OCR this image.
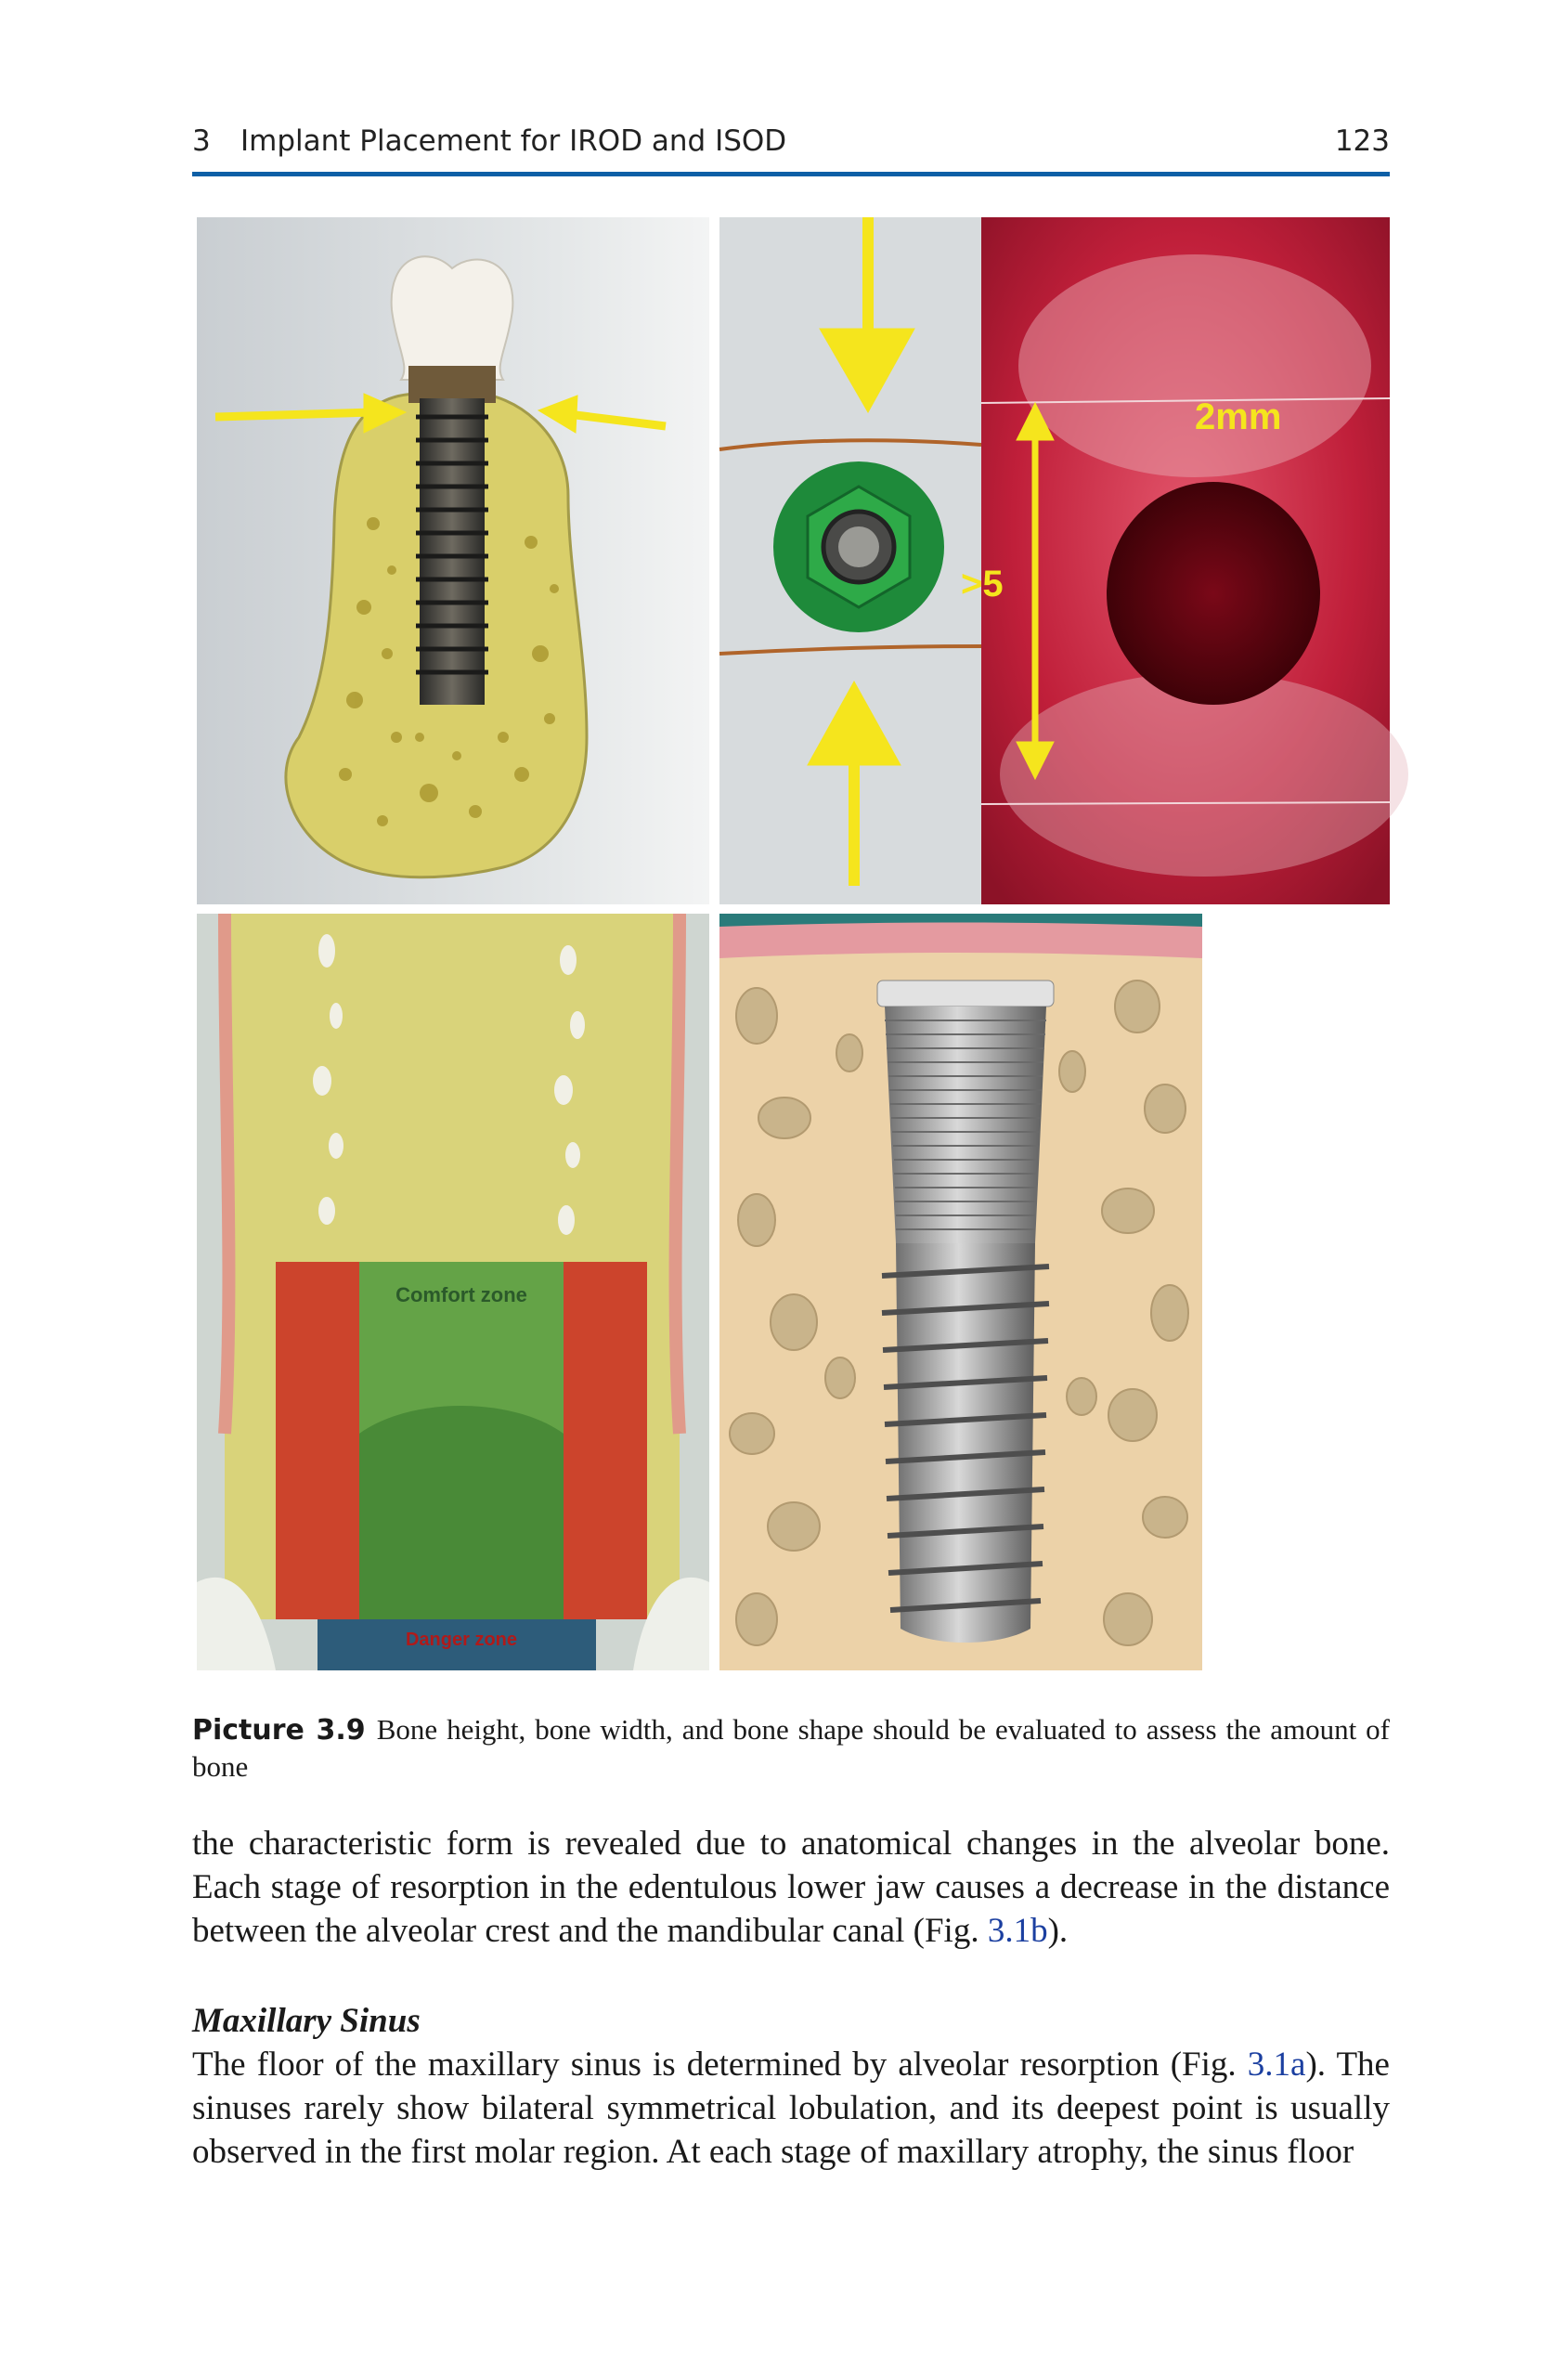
3 Implant Placement for IROD and ISOD	123
2mm
>5
Comfort zone
Danger zone
Picture 3.9 Bone height, bone width, and bone shape should be evaluated to assess the amount of bone
the characteristic form is revealed due to anatomical changes in the alveolar bone. Each stage of resorption in the edentulous lower jaw causes a decrease in the distance between the alveolar crest and the mandibular canal (Fig. 3.1b).
Maxillary Sinus
The floor of the maxillary sinus is determined by alveolar resorption (Fig. 3.1a). The sinuses rarely show bilateral symmetrical lobulation, and its deepest point is usually observed in the first molar region. At each stage of maxillary atrophy, the sinus floor
